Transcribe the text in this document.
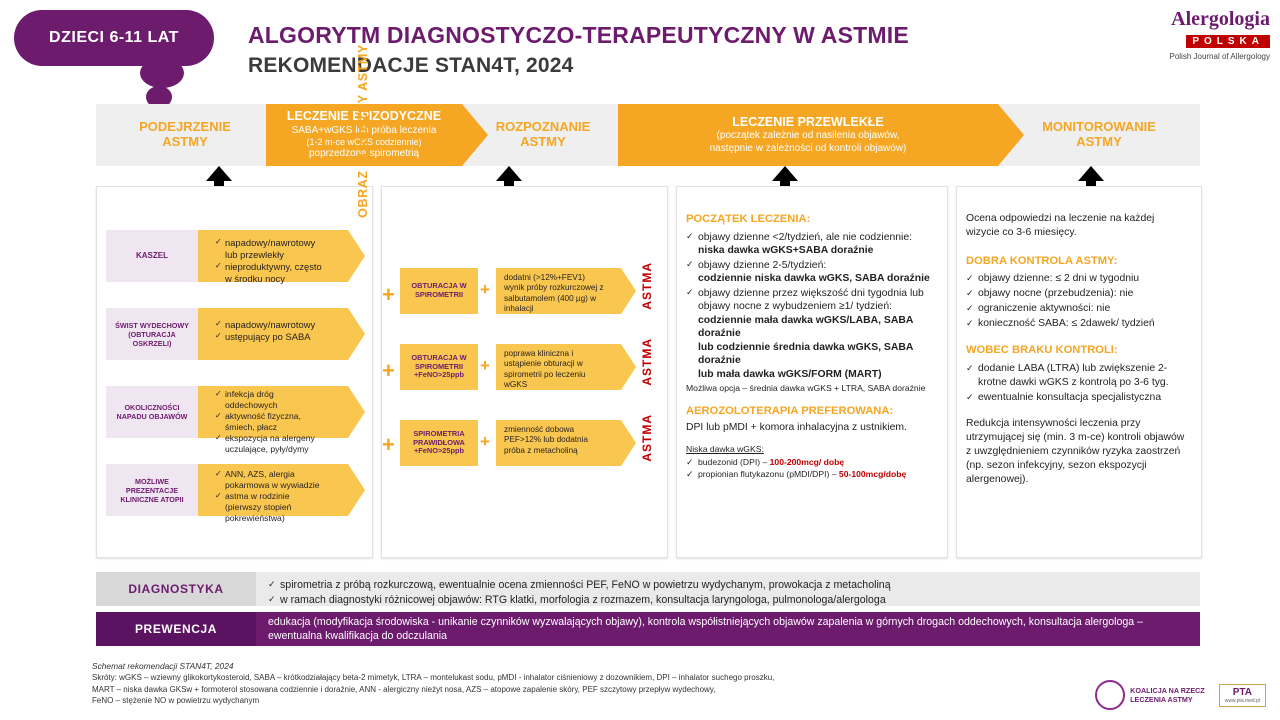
DZIECI 6-11 LAT	ALGORYTM DIAGNOSTYCZO-TERAPEUTYCZNY W ASTMIE
REKOMENDACJE STAN4T, 2024
Alergologia
POLSKA
Polish Journal of Allergology
PODEJRZENIE
ASTMY
LECZENIE EPIZODYCZNE
SABA+wGKS lub próba leczenia
(1-2 m-ce wGKS codziennie)
poprzedzona spirometrią
ROZPOZNANIE
ASTMY
LECZENIE PRZEWLEKŁE
(początek zależnie od nasilenia objawów,
następnie w zależności od kontroli objawów)
MONITOROWANIE
ASTMY
KASZEL
✓ napadowy/nawrotowy lub przewlekły
✓ nieproduktywny, często w środku nocy
ŚWIST WYDECHOWY (OBTURACJA OSKRZELI)
✓ napadowy/nawrotowy
✓ ustępujący po SABA
OKOLICZNOŚCI NAPADU OBJAWÓW
✓ infekcja dróg oddechowych
✓ aktywność fizyczna, śmiech, płacz
✓ ekspozycja na alergeny uczulające, pyły/dymy
MOŻLIWE PREZENTACJE KLINICZNE ATOPII
✓ ANN, AZS, alergia pokarmowa w wywiadzie
✓ astma w rodzinie (pierwszy stopień pokrewieństwa)
OBRAZ KLINICZNY ASTMY
+
+
+
OBTURACJA W SPIROMETRII +
dodatni (>12%+FEV1) wynik próby rozkurczowej z salbutamolem (400 µg) w inhalacji	ASTMA
OBTURACJA W SPIROMETRII +FeNO>25ppb +
poprawa kliniczna i ustąpienie obturacji w spirometrii po leczeniu wGKS	ASTMA
SPIROMETRIA PRAWIDŁOWA +FeNO>25ppb +
zmienność dobowa PEF>12% lub dodatnia próba z metacholiną	ASTMA
POCZĄTEK LECZENIA:
✓ objawy dzienne <2/tydzień, ale nie codziennie:
niska dawka wGKS+SABA doraźnie
✓ objawy dzienne 2-5/tydzień:
codziennie niska dawka wGKS, SABA doraźnie
✓ objawy dzienne przez większość dni tygodnia lub objawy nocne z wybudzeniem ≥1/ tydzień:
codziennie mała dawka wGKS/LABA, SABA doraźnie
lub codziennie średnia dawka wGKS, SABA doraźnie
lub mała dawka wGKS/FORM (MART)
Możliwa opcja – średnia dawka wGKS + LTRA, SABA doraźnie
AEROZOLOTERAPIA PREFEROWANA:
DPI lub pMDI + komora inhalacyjna z ustnikiem.
Niska dawka wGKS:
✓ budezonid (DPI) – 100-200mcg/ dobę
✓ propionian flutykazonu (pMDI/DPI) – 50-100mcg/dobę
Ocena odpowiedzi na leczenie na każdej wizycie co 3-6 miesięcy.
DOBRA KONTROLA ASTMY:
✓ objawy dzienne: ≤ 2 dni w tygodniu
✓ objawy nocne (przebudzenia): nie
✓ ograniczenie aktywności: nie
✓ konieczność SABA: ≤ 2dawek/ tydzień
WOBEC BRAKU KONTROLI:
✓ dodanie LABA (LTRA) lub zwiększenie 2-krotne dawki wGKS z kontrolą po 3-6 tyg.
✓ ewentualnie konsultacja specjalistyczna
Redukcja intensywności leczenia przy utrzymującej się (min. 3 m-ce) kontroli objawów z uwzględnieniem czynników ryzyka zaostrzeń (np. sezon infekcyjny, sezon ekspozycji alergenowej).
DIAGNOSTYKA	✓ spirometria z próbą rozkurczową, ewentualnie ocena zmienności PEF, FeNO w powietrzu wydychanym, prowokacja z metacholiną
✓ w ramach diagnostyki różnicowej objawów: RTG klatki, morfologia z rozmazem, konsultacja laryngologa, pulmonologa/alergologa
PREWENCJA	edukacja (modyfikacja środowiska - unikanie czynników wyzwalających objawy), kontrola współistniejących objawów zapalenia w górnych drogach oddechowych, konsultacja alergologa – ewentualna kwalifikacja do odczulania
Schemat rekomendacji STAN4T, 2024
Skróty: wGKS – wziewny glikokortykosteroid, SABA – krótkodziałający beta-2 mimetyk, LTRA – montelukast sodu, pMDI - inhalator ciśnieniowy z dozownikiem, DPI – inhalator suchego proszku,
MART – niska dawka GKSw + formoterol stosowana codziennie i doraźnie, ANN - alergiczny nieżyt nosa, AZS – atopowe zapalenie skóry, PEF szczytowy przepływ wydechowy,
FeNO – stężenie NO w powietrzu wydychanym
KOALICJA NA RZECZ
LECZENIA ASTMY
PTA
www.pta.med.pl
